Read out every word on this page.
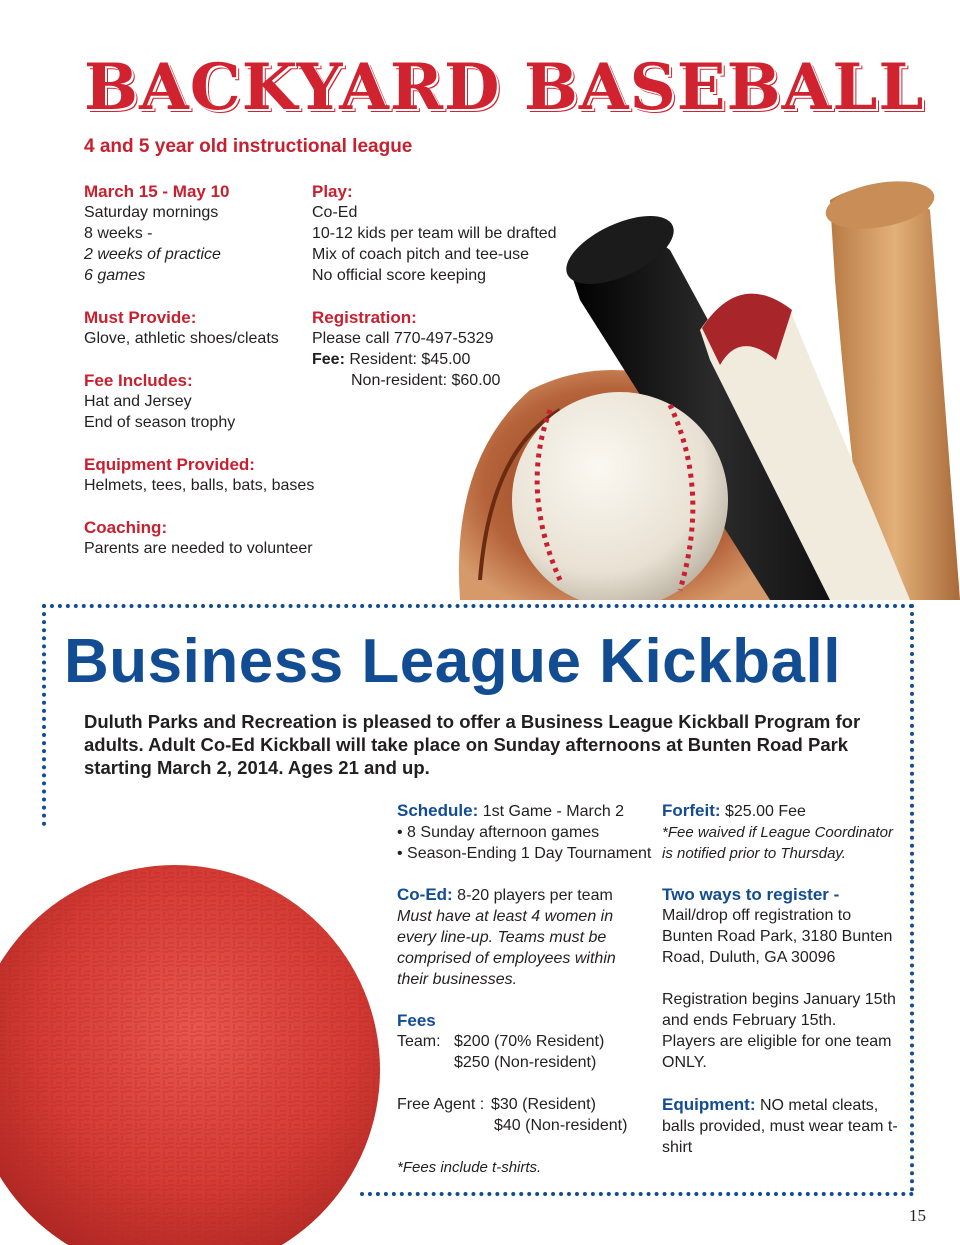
BACKYARD BASEBALL

4 and 5 year old instructional league

March 15 - May 10

Saturday mornings

8 weeks -

2 weeks of practice

6 games

Must Provide:

Glove, athletic shoes/cleats

Fee Includes:

Hat and Jersey

End of season trophy

Equipment Provided:

Helmets, tees, balls, bats, bases

Coaching:

Parents are needed to volunteer

Play:

Co-Ed

10-12 kids per team will be drafted

Mix of coach pitch and tee-use

No official score keeping

Registration:

Please call 770-497-5329

Fee: Resident: $45.00

Non-resident: $60.00

Business League Kickball

Duluth Parks and Recreation is pleased to offer a Business League Kickball Program for adults. Adult Co-Ed Kickball will take place on Sunday afternoons at Bunten Road Park starting March 2, 2014. Ages 21 and up.

Schedule: 1st Game - March 2

• 8 Sunday afternoon games

• Season-Ending 1 Day Tournament

Co-Ed: 8-20 players per team

Must have at least 4 women in every line-up. Teams must be comprised of employees within their businesses.

Fees

Team: $200 (70% Resident)

$250 (Non-resident)

Free Agent : $30 (Resident)

$40 (Non-resident)

*Fees include t-shirts.

Forfeit: $25.00 Fee

*Fee waived if League Coordinator is notified prior to Thursday.

Two ways to register -

Mail/drop off registration to Bunten Road Park, 3180 Bunten Road, Duluth, GA 30096

Registration begins January 15th and ends February 15th.

Players are eligible for one team ONLY.

Equipment: NO metal cleats, balls provided, must wear team t-shirt

15
